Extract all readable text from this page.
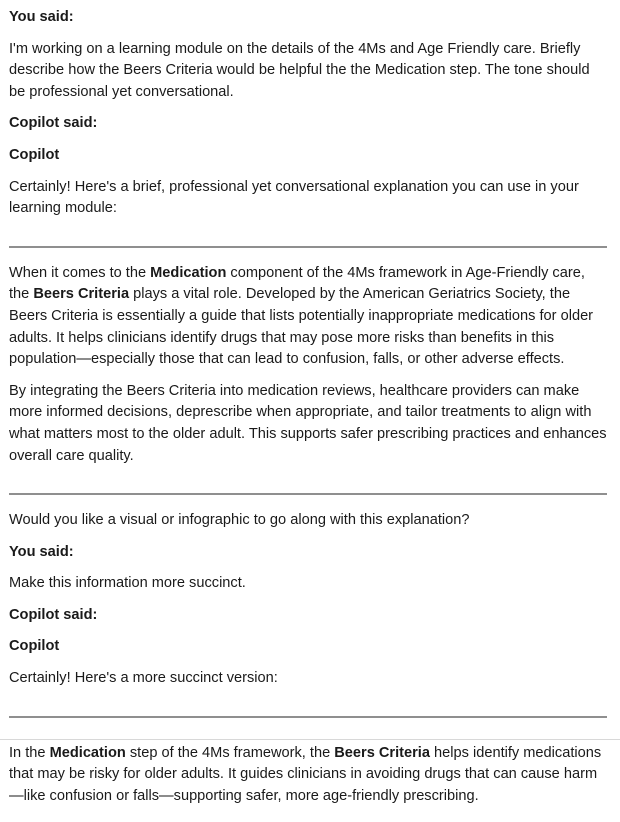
You said:

I'm working on a learning module on the details of the 4Ms and Age Friendly care. Briefly describe how the Beers Criteria would be helpful the the Medication step. The tone should be professional yet conversational.

Copilot said:

Copilot

Certainly! Here's a brief, professional yet conversational explanation you can use in your learning module:

When it comes to the Medication component of the 4Ms framework in Age-Friendly care, the Beers Criteria plays a vital role. Developed by the American Geriatrics Society, the Beers Criteria is essentially a guide that lists potentially inappropriate medications for older adults. It helps clinicians identify drugs that may pose more risks than benefits in this population—especially those that can lead to confusion, falls, or other adverse effects.

By integrating the Beers Criteria into medication reviews, healthcare providers can make more informed decisions, deprescribe when appropriate, and tailor treatments to align with what matters most to the older adult. This supports safer prescribing practices and enhances overall care quality.

Would you like a visual or infographic to go along with this explanation?

You said:

Make this information more succinct.

Copilot said:

Copilot

Certainly! Here's a more succinct version:

In the Medication step of the 4Ms framework, the Beers Criteria helps identify medications that may be risky for older adults. It guides clinicians in avoiding drugs that can cause harm—like confusion or falls—supporting safer, more age-friendly prescribing.
